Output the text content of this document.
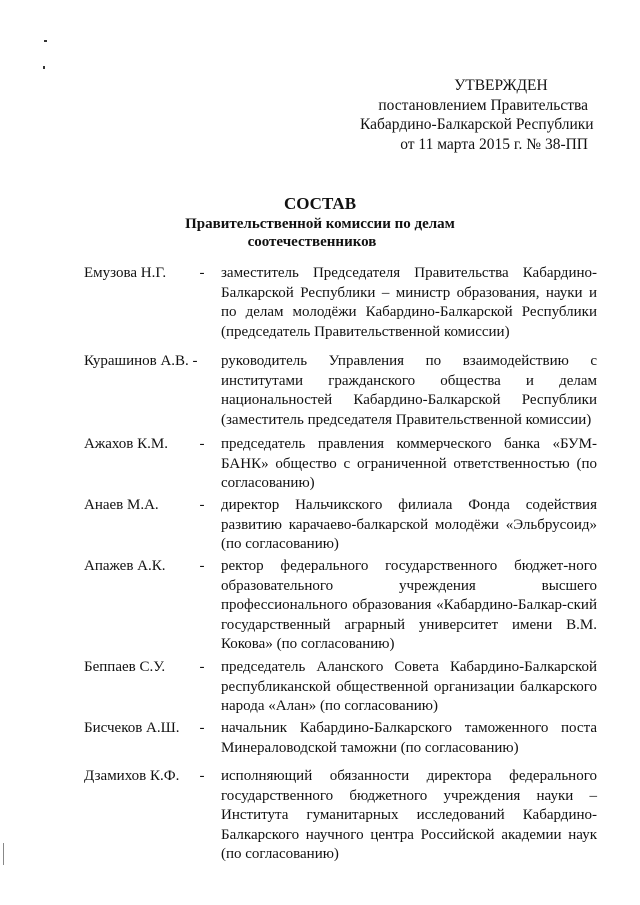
УТВЕРЖДЕН
постановлением Правительства
Кабардино-Балкарской Республики
от 11 марта 2015 г. № 38-ПП
СОСТАВ
Правительственной комиссии по делам
соотечественников
Емузова Н.Г. - заместитель Председателя Правительства Кабардино-Балкарской Республики – министр образования, науки и по делам молодёжи Кабардино-Балкарской Республики (председатель Правительственной комиссии)
Курашинов А.В. - руководитель Управления по взаимодействию с институтами гражданского общества и делам национальностей Кабардино-Балкарской Республики (заместитель председателя Правительственной комиссии)
Ажахов К.М. - председатель правления коммерческого банка «БУМ-БАНК» общество с ограниченной ответственностью (по согласованию)
Анаев М.А.	- директор Нальчикского филиала Фонда содействия развитию карачаево-балкарской молодёжи «Эльбрусоид» (по согласованию)
Апажев А.К. - ректор федерального государственного бюджет-ного образовательного учреждения высшего профессионального образования «Кабардино-Балкар-ский государственный аграрный университет имени В.М. Кокова» (по согласованию)
Беппаев С.У. - председатель Аланского Совета Кабардино-Балкарской республиканской общественной организации балкарского народа «Алан» (по согласованию)
Бисчеков А.Ш. - начальник Кабардино-Балкарского таможенного поста Минераловодской таможни (по согласованию)
Дзамихов К.Ф. - исполняющий обязанности директора федерального государственного бюджетного учреждения науки – Института гуманитарных исследований Кабардино-Балкарского научного центра Российской академии наук (по согласованию)
